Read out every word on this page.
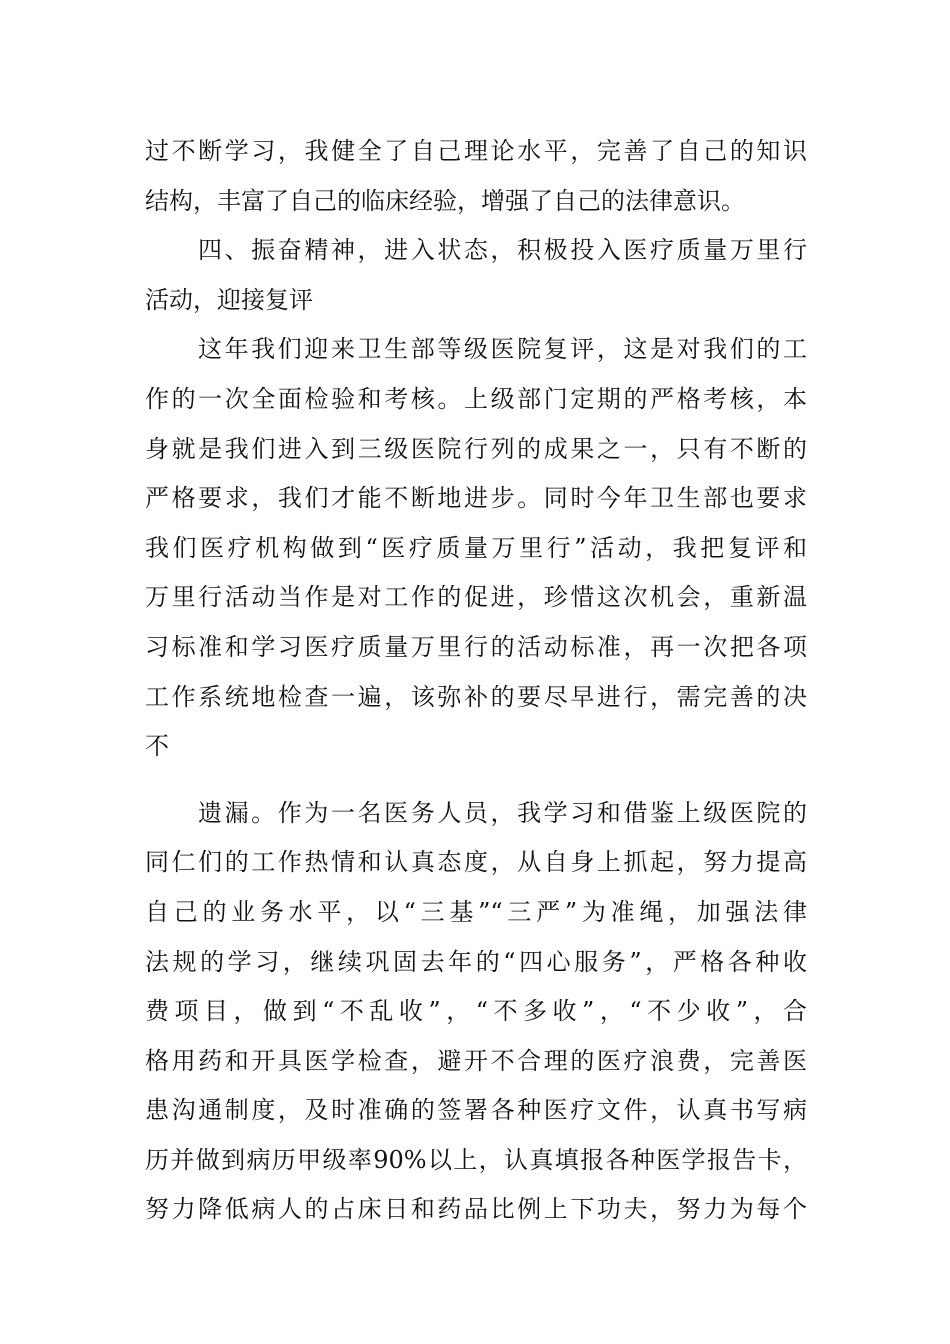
过不断学习，我健全了自己理论水平，完善了自己的知识
结构，丰富了自己的临床经验，增强了自己的法律意识。
四、振奋精神，进入状态，积极投入医疗质量万里行
活动，迎接复评
这年我们迎来卫生部等级医院复评，这是对我们的工
作的一次全面检验和考核。上级部门定期的严格考核，本
身就是我们进入到三级医院行列的成果之一，只有不断的
严格要求，我们才能不断地进步。同时今年卫生部也要求
我们医疗机构做到“医疗质量万里行”活动，我把复评和
万里行活动当作是对工作的促进，珍惜这次机会，重新温
习标准和学习医疗质量万里行的活动标准，再一次把各项
工作系统地检查一遍，该弥补的要尽早进行，需完善的决
不
遗漏。作为一名医务人员，我学习和借鉴上级医院的
同仁们的工作热情和认真态度，从自身上抓起，努力提高
自己的业务水平，以“三基”“三严”为准绳，加强法律
法规的学习，继续巩固去年的“四心服务”，严格各种收
费项目，做到“不乱收”，“不多收”，“不少收”，合
格用药和开具医学检查，避开不合理的医疗浪费，完善医
患沟通制度，及时准确的签署各种医疗文件，认真书写病
历并做到病历甲级率90%以上，认真填报各种医学报告卡，
努力降低病人的占床日和药品比例上下功夫，努力为每个
